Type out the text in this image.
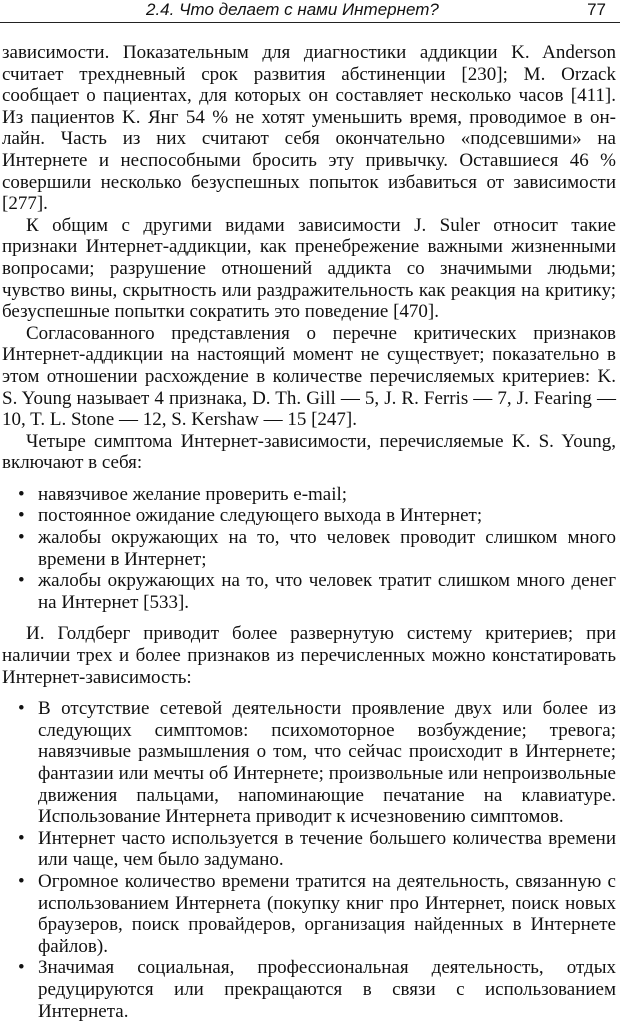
2.4. Что делает с нами Интернет?	77

зависимости. Показательным для диагностики аддикции K. Anderson считает трехдневный срок развития абстиненции [230]; M. Orzack сообщает о пациентах, для которых он составляет несколько часов [411]. Из пациентов K. Янг 54 % не хотят уменьшить время, проводимое в он-лайн. Часть из них считают себя окончательно «подсевшими» на Интернете и неспособными бросить эту привычку. Оставшиеся 46 % совершили несколько безуспешных попыток избавиться от зависимости [277].

К общим с другими видами зависимости J. Suler относит такие признаки Интернет-аддикции, как пренебрежение важными жизненными вопросами; разрушение отношений аддикта со значимыми людьми; чувство вины, скрытность или раздражительность как реакция на критику; безуспешные попытки сократить это поведение [470].

Согласованного представления о перечне критических признаков Интернет-аддикции на настоящий момент не существует; показательно в этом отношении расхождение в количестве перечисляемых критериев: K. S. Young называет 4 признака, D. Th. Gill — 5, J. R. Ferris — 7, J. Fearing — 10, T. L. Stone — 12, S. Kershaw — 15 [247].

Четыре симптома Интернет-зависимости, перечисляемые K. S. Young, включают в себя:

• навязчивое желание проверить e-mail;
• постоянное ожидание следующего выхода в Интернет;
• жалобы окружающих на то, что человек проводит слишком много времени в Интернет;
• жалобы окружающих на то, что человек тратит слишком много денег на Интернет [533].

И. Голдберг приводит более развернутую систему критериев; при наличии трех и более признаков из перечисленных можно констатировать Интернет-зависимость:

• В отсутствие сетевой деятельности проявление двух или более из следующих симптомов: психомоторное возбуждение; тревога; навязчивые размышления о том, что сейчас происходит в Интернете; фантазии или мечты об Интернете; произвольные или непроизвольные движения пальцами, напоминающие печатание на клавиатуре. Использование Интернета приводит к исчезновению симптомов.
• Интернет часто используется в течение большего количества времени или чаще, чем было задумано.
• Огромное количество времени тратится на деятельность, связанную с использованием Интернета (покупку книг про Интернет, поиск новых браузеров, поиск провайдеров, организация найденных в Интернете файлов).
• Значимая социальная, профессиональная деятельность, отдых редуцируются или прекращаются в связи с использованием Интернета.
